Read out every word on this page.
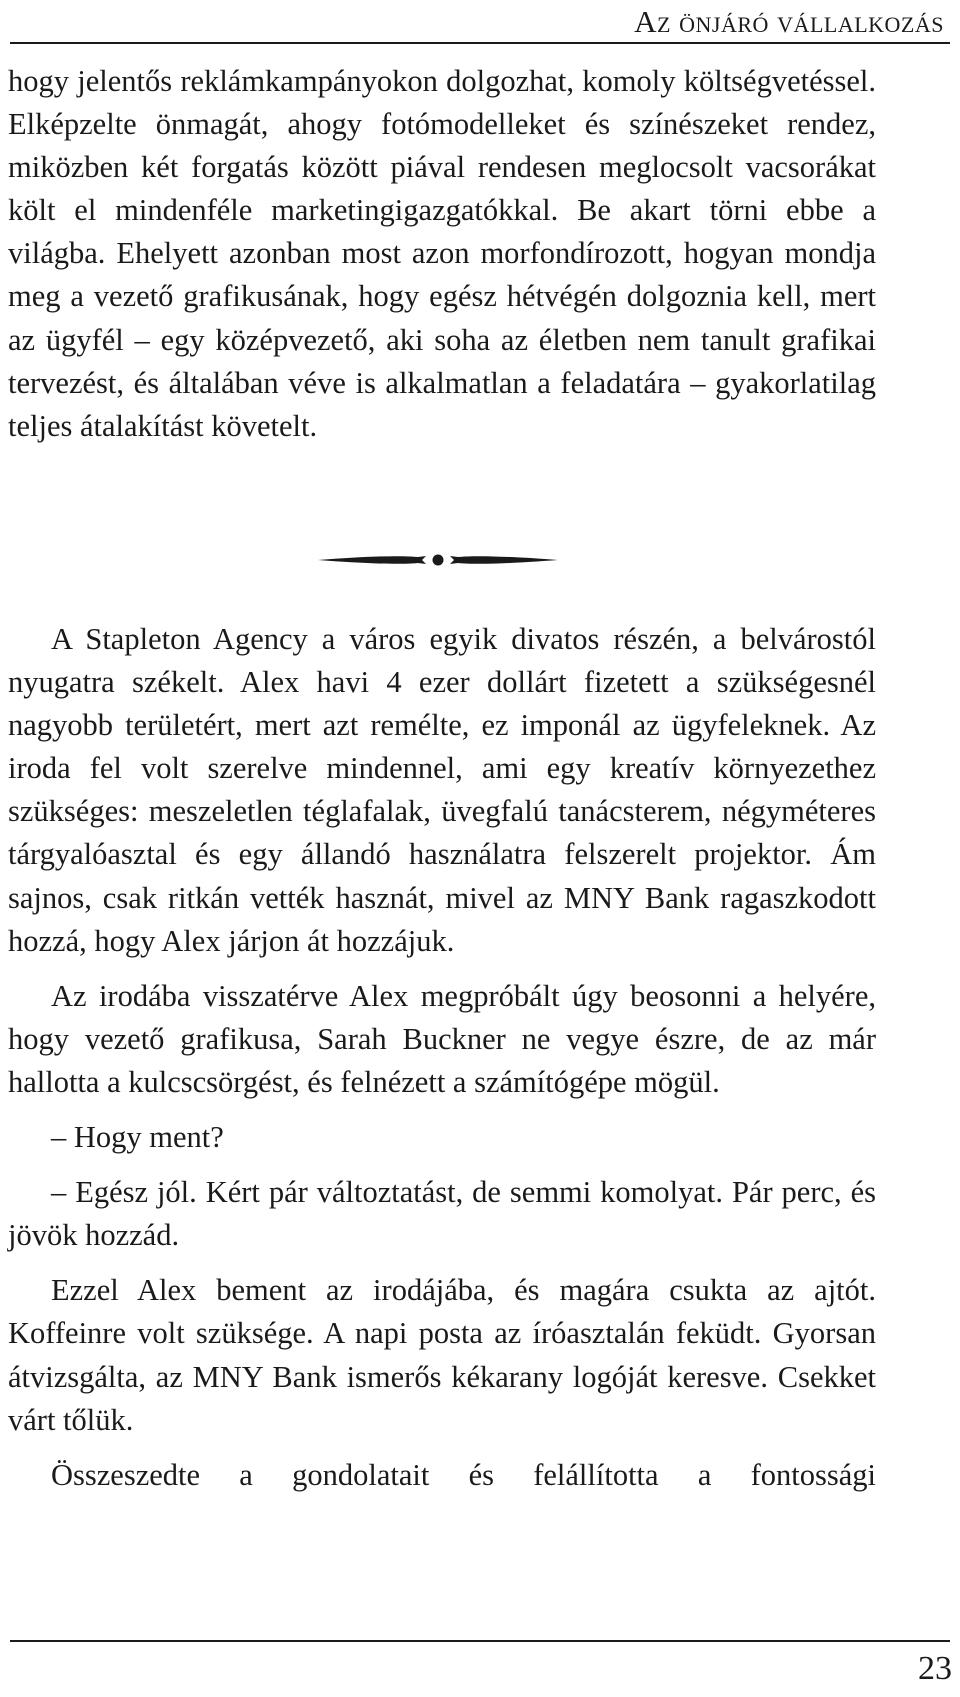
Az önjáró vállalkozás

hogy jelentős reklámkampányokon dolgozhat, komoly költségvetéssel. Elképzelte önmagát, ahogy fotómodelleket és színészeket rendez, miközben két forgatás között piával rendesen meglocsolt vacsorákat költ el mindenféle marketingigazgatókkal. Be akart törni ebbe a világba. Ehelyett azonban most azon morfondírozott, hogyan mondja meg a vezető grafikusának, hogy egész hétvégén dolgoznia kell, mert az ügyfél – egy középvezető, aki soha az életben nem tanult grafikai tervezést, és általában véve is alkalmatlan a feladatára – gyakorlatilag teljes átalakítást követelt.

A Stapleton Agency a város egyik divatos részén, a belvárostól nyugatra székelt. Alex havi 4 ezer dollárt fizetett a szükségesnél nagyobb területért, mert azt remélte, ez imponál az ügyfeleknek. Az iroda fel volt szerelve mindennel, ami egy kreatív környezethez szükséges: meszeletlen téglafalak, üvegfalú tanácsterem, négyméteres tárgyalóasztal és egy állandó használatra felszerelt projektor. Ám sajnos, csak ritkán vették hasznát, mivel az MNY Bank ragaszkodott hozzá, hogy Alex járjon át hozzájuk.

Az irodába visszatérve Alex megpróbált úgy beosonni a helyére, hogy vezető grafikusa, Sarah Buckner ne vegye észre, de az már hallotta a kulcscsörgést, és felnézett a számítógépe mögül.

– Hogy ment?

– Egész jól. Kért pár változtatást, de semmi komolyat. Pár perc, és jövök hozzád.

Ezzel Alex bement az irodájába, és magára csukta az ajtót. Koffeinre volt szüksége. A napi posta az íróasztalán feküdt. Gyorsan átvizsgálta, az MNY Bank ismerős kékarany logóját keresve. Csekket várt tőlük.

Összeszedte a gondolatait és felállította a fontossági

23
